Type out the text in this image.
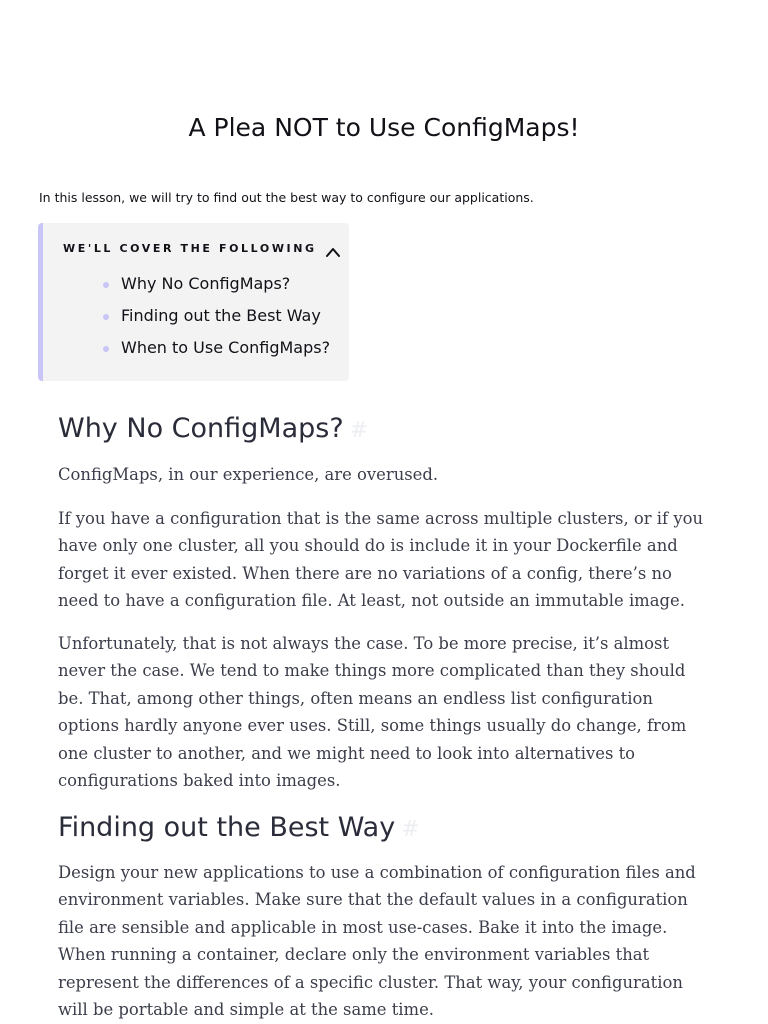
A Plea NOT to Use ConfigMaps!

In this lesson, we will try to find out the best way to configure our applications.

WE'LL COVER THE FOLLOWING
Why No ConfigMaps?
Finding out the Best Way
When to Use ConfigMaps?
Why No ConfigMaps? #

ConfigMaps, in our experience, are overused.

If you have a configuration that is the same across multiple clusters, or if you have only one cluster, all you should do is include it in your Dockerfile and forget it ever existed. When there are no variations of a config, there’s no need to have a configuration file. At least, not outside an immutable image.

Unfortunately, that is not always the case. To be more precise, it’s almost never the case. We tend to make things more complicated than they should be. That, among other things, often means an endless list configuration options hardly anyone ever uses. Still, some things usually do change, from one cluster to another, and we might need to look into alternatives to configurations baked into images.

Finding out the Best Way #

Design your new applications to use a combination of configuration files and environment variables. Make sure that the default values in a configuration file are sensible and applicable in most use-cases. Bake it into the image. When running a container, declare only the environment variables that represent the differences of a specific cluster. That way, your configuration will be portable and simple at the same time.
